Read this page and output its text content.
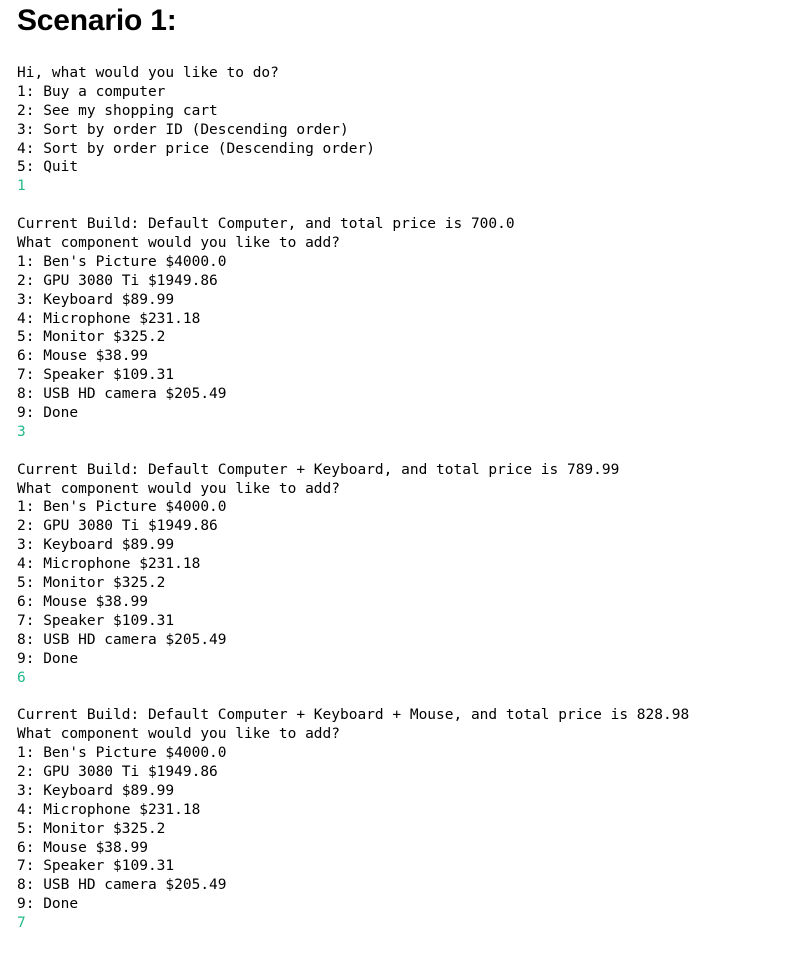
Scenario 1:
Hi, what would you like to do?
1: Buy a computer
2: See my shopping cart
3: Sort by order ID (Descending order)
4: Sort by order price (Descending order)
5: Quit
1
Current Build: Default Computer, and total price is 700.0
What component would you like to add?
1: Ben's Picture $4000.0
2: GPU 3080 Ti $1949.86
3: Keyboard $89.99
4: Microphone $231.18
5: Monitor $325.2
6: Mouse $38.99
7: Speaker $109.31
8: USB HD camera $205.49
9: Done
3
Current Build: Default Computer + Keyboard, and total price is 789.99
What component would you like to add?
1: Ben's Picture $4000.0
2: GPU 3080 Ti $1949.86
3: Keyboard $89.99
4: Microphone $231.18
5: Monitor $325.2
6: Mouse $38.99
7: Speaker $109.31
8: USB HD camera $205.49
9: Done
6
Current Build: Default Computer + Keyboard + Mouse, and total price is 828.98
What component would you like to add?
1: Ben's Picture $4000.0
2: GPU 3080 Ti $1949.86
3: Keyboard $89.99
4: Microphone $231.18
5: Monitor $325.2
6: Mouse $38.99
7: Speaker $109.31
8: USB HD camera $205.49
9: Done
7
